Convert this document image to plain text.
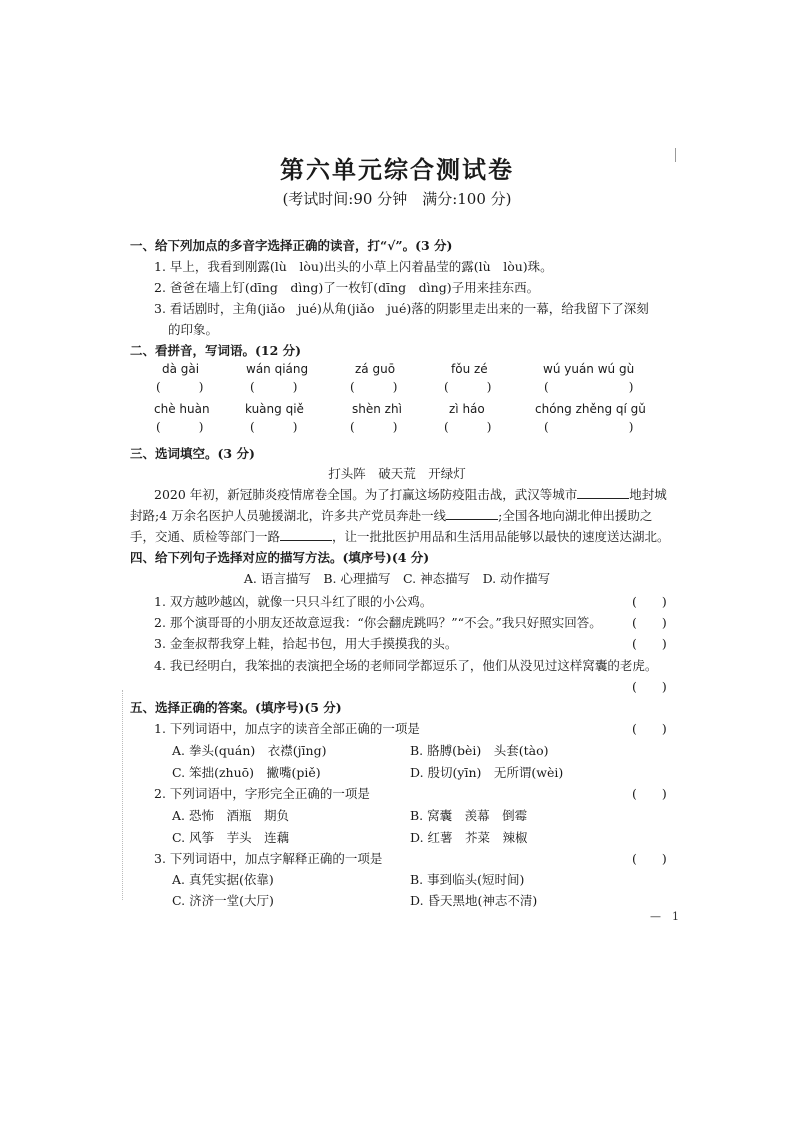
第六单元综合测试卷
(考试时间:90 分钟　满分:100 分)
一、给下列加点的多音字选择正确的读音，打“√”。(3 分)
1. 早上，我看到刚露(lù　lòu)出头的小草上闪着晶莹的露(lù　lòu)珠。
2. 爸爸在墙上钉(dīng　dìng)了一枚钉(dīng　dìng)子用来挂东西。
3. 看话剧时，主角(jiǎo　jué)从角(jiǎo　jué)落的阴影里走出来的一幕，给我留下了深刻
的印象。
二、看拼音，写词语。(12 分)
dà gài	wán qiáng	zá guō	fǒu zé	wú yuán wú gù
(	)	(	)	(	)	(	)	(	)
chè huàn	kuàng qiě	shèn zhì	zì háo	chóng zhěng qí gǔ
(	)	(	)	(	)	(	)	(	)
三、选词填空。(3 分)
打头阵　破天荒　开绿灯
2020 年初，新冠肺炎疫情席卷全国。为了打赢这场防疫阻击战，武汉等城市	地封城
封路;4 万余名医护人员驰援湖北，许多共产党员奔赴一线	;全国各地向湖北伸出援助之
手，交通、质检等部门一路	，让一批批医护用品和生活用品能够以最快的速度送达湖北。
四、给下列句子选择对应的描写方法。(填序号)(4 分)
A. 语言描写　B. 心理描写　C. 神态描写　D. 动作描写
1. 双方越吵越凶，就像一只只斗红了眼的小公鸡。	(　　)
2. 那个演哥哥的小朋友还故意逗我：“你会翻虎跳吗？”“不会。”我只好照实回答。 (　　)
3. 金奎叔帮我穿上鞋，拾起书包，用大手摸摸我的头。	(　　)
4. 我已经明白，我笨拙的表演把全场的老师同学都逗乐了，他们从没见过这样窝囊的老虎。
(　　)
五、选择正确的答案。(填序号)(5 分)
1. 下列词语中，加点字的读音全部正确的一项是	(　　)
A. 拳头(quán)　衣襟(jīng)	B. 胳膊(bèi)　头套(tào)
C. 笨拙(zhuō)　撇嘴(piě)	D. 殷切(yīn)　无所谓(wèi)
2. 下列词语中，字形完全正确的一项是	(　　)
A. 恐怖　酒瓶　期负	B. 窝囊　羡幕　倒霉
C. 风筝　芋头　连藕	D. 红薯　芥菜　辣椒
3. 下列词语中，加点字解释正确的一项是	(　　)
A. 真凭实据(依靠)	B. 事到临头(短时间)
C. 济济一堂(大厅)	D. 昏天黑地(神志不清)
—　1
